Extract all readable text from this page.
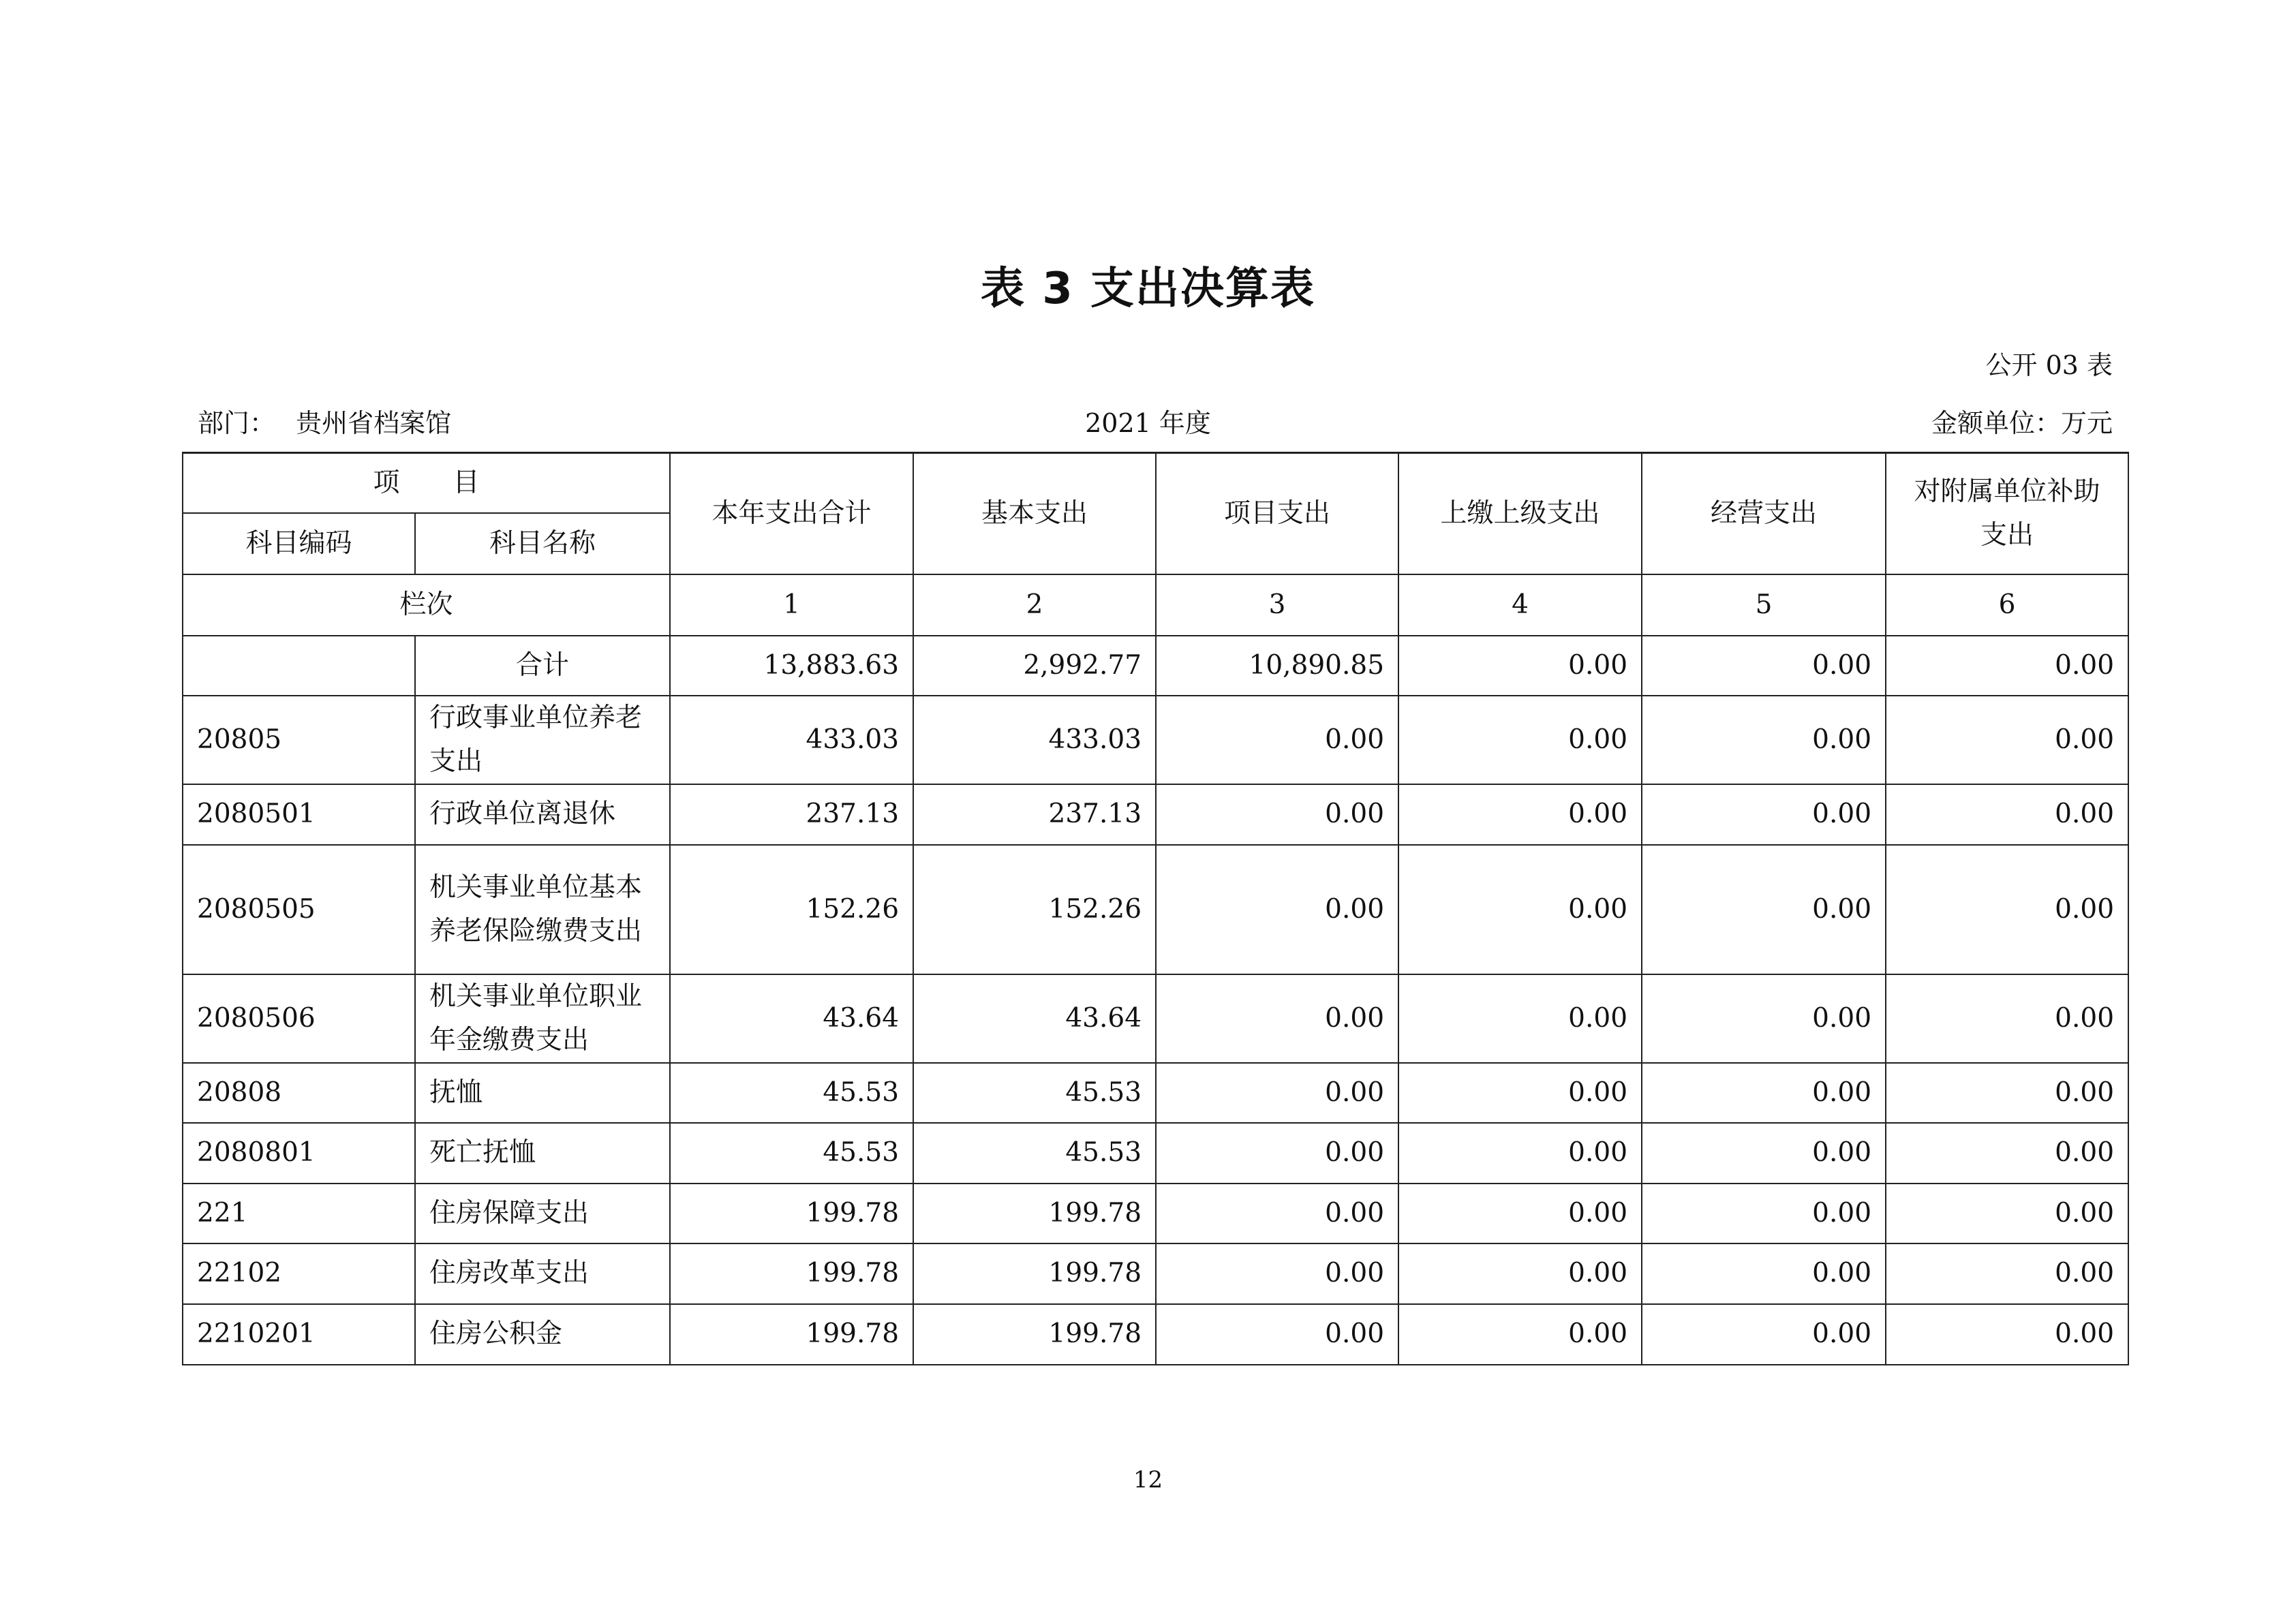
表 3 支出决算表
公开 03 表
部门： 贵州省档案馆	2021 年度	金额单位：万元
项　　目		本年支出合计	基本支出	项目支出	上缴上级支出	经营支出	对附属单位补助支出
科目编码	科目名称						
栏次		1	2	3	4	5	6
	合计	13,883.63	2,992.77	10,890.85	0.00	0.00	0.00
20805	行政事业单位养老支出	433.03	433.03	0.00	0.00	0.00	0.00
2080501	行政单位离退休	237.13	237.13	0.00	0.00	0.00	0.00
2080505	机关事业单位基本养老保险缴费支出	152.26	152.26	0.00	0.00	0.00	0.00
2080506	机关事业单位职业年金缴费支出	43.64	43.64	0.00	0.00	0.00	0.00
20808	抚恤	45.53	45.53	0.00	0.00	0.00	0.00
2080801	死亡抚恤	45.53	45.53	0.00	0.00	0.00	0.00
221	住房保障支出	199.78	199.78	0.00	0.00	0.00	0.00
22102	住房改革支出	199.78	199.78	0.00	0.00	0.00	0.00
2210201	住房公积金	199.78	199.78	0.00	0.00	0.00	0.00
12
